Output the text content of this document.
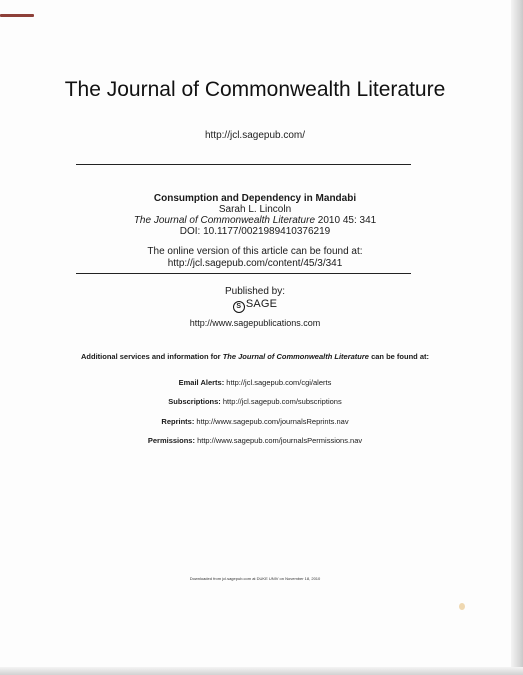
The Journal of Commonwealth Literature
http://jcl.sagepub.com/
Consumption and Dependency in Mandabi
Sarah L. Lincoln
The Journal of Commonwealth Literature 2010 45: 341
DOI: 10.1177/0021989410376219
The online version of this article can be found at:
http://jcl.sagepub.com/content/45/3/341
Published by:
S SAGE
http://www.sagepublications.com
Additional services and information for The Journal of Commonwealth Literature can be found at:
Email Alerts: http://jcl.sagepub.com/cgi/alerts
Subscriptions: http://jcl.sagepub.com/subscriptions
Reprints: http://www.sagepub.com/journalsReprints.nav
Permissions: http://www.sagepub.com/journalsPermissions.nav
Downloaded from jcl.sagepub.com at DUKE UNIV on November 18, 2010
